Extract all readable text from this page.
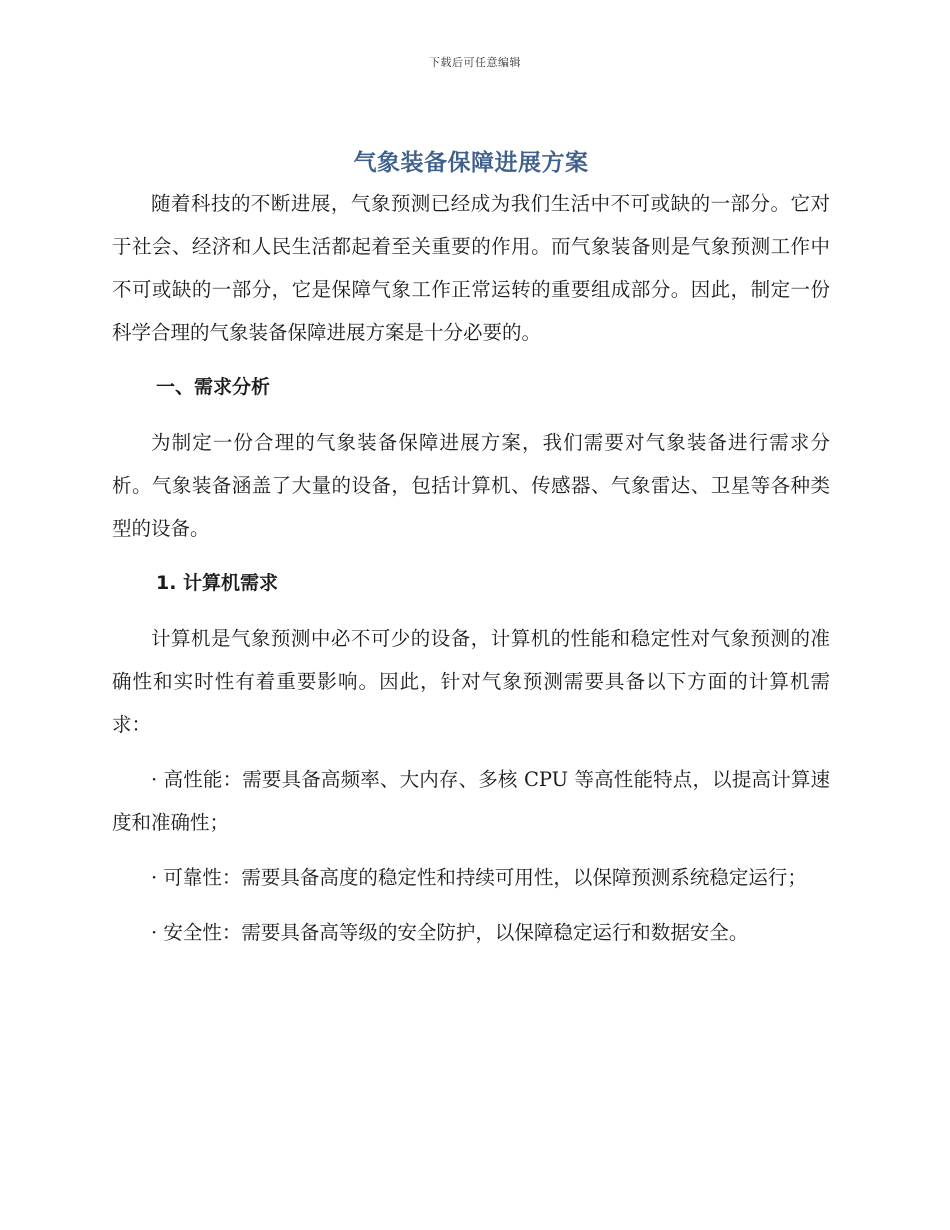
下载后可任意编辑
气象装备保障进展方案

随着科技的不断进展，气象预测已经成为我们生活中不可或缺的一部分。它对于社会、经济和人民生活都起着至关重要的作用。而气象装备则是气象预测工作中不可或缺的一部分，它是保障气象工作正常运转的重要组成部分。因此，制定一份科学合理的气象装备保障进展方案是十分必要的。

一、需求分析

为制定一份合理的气象装备保障进展方案，我们需要对气象装备进行需求分析。气象装备涵盖了大量的设备，包括计算机、传感器、气象雷达、卫星等各种类型的设备。

1. 计算机需求

计算机是气象预测中必不可少的设备，计算机的性能和稳定性对气象预测的准确性和实时性有着重要影响。因此，针对气象预测需要具备以下方面的计算机需求：

· 高性能：需要具备高频率、大内存、多核 CPU 等高性能特点，以提高计算速度和准确性；

· 可靠性：需要具备高度的稳定性和持续可用性，以保障预测系统稳定运行；

· 安全性：需要具备高等级的安全防护，以保障稳定运行和数据安全。
